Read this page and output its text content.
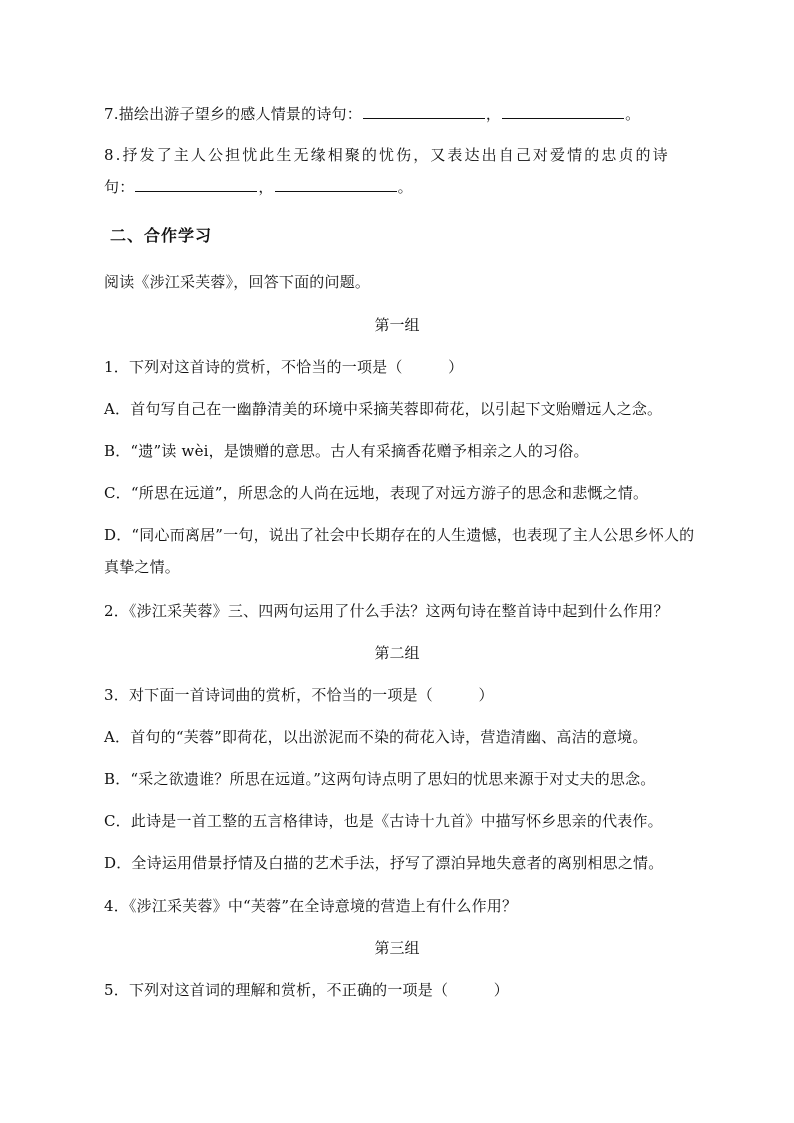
7.描绘出游子望乡的感人情景的诗句：	，	。
8.抒发了主人公担忧此生无缘相聚的忧伤，又表达出自己对爱情的忠贞的诗
句：	，	。
二、合作学习
阅读《涉江采芙蓉》，回答下面的问题。
第一组
1．下列对这首诗的赏析，不恰当的一项是（　　　）
A．首句写自己在一幽静清美的环境中采摘芙蓉即荷花，以引起下文贻赠远人之念。
B．“遗”读 wèi，是馈赠的意思。古人有采摘香花赠予相亲之人的习俗。
C．“所思在远道”，所思念的人尚在远地，表现了对远方游子的思念和悲慨之情。
D．“同心而离居”一句，说出了社会中长期存在的人生遗憾，也表现了主人公思乡怀人的
真挚之情。
2．《涉江采芙蓉》三、四两句运用了什么手法？这两句诗在整首诗中起到什么作用？
第二组
3．对下面一首诗词曲的赏析，不恰当的一项是（　　　）
A．首句的“芙蓉”即荷花，以出淤泥而不染的荷花入诗，营造清幽、高洁的意境。
B．“采之欲遗谁？所思在远道。”这两句诗点明了思妇的忧思来源于对丈夫的思念。
C．此诗是一首工整的五言格律诗，也是《古诗十九首》中描写怀乡思亲的代表作。
D．全诗运用借景抒情及白描的艺术手法，抒写了漂泊异地失意者的离别相思之情。
4．《涉江采芙蓉》中“芙蓉”在全诗意境的营造上有什么作用？
第三组
5．下列对这首词的理解和赏析，不正确的一项是（　　　）
